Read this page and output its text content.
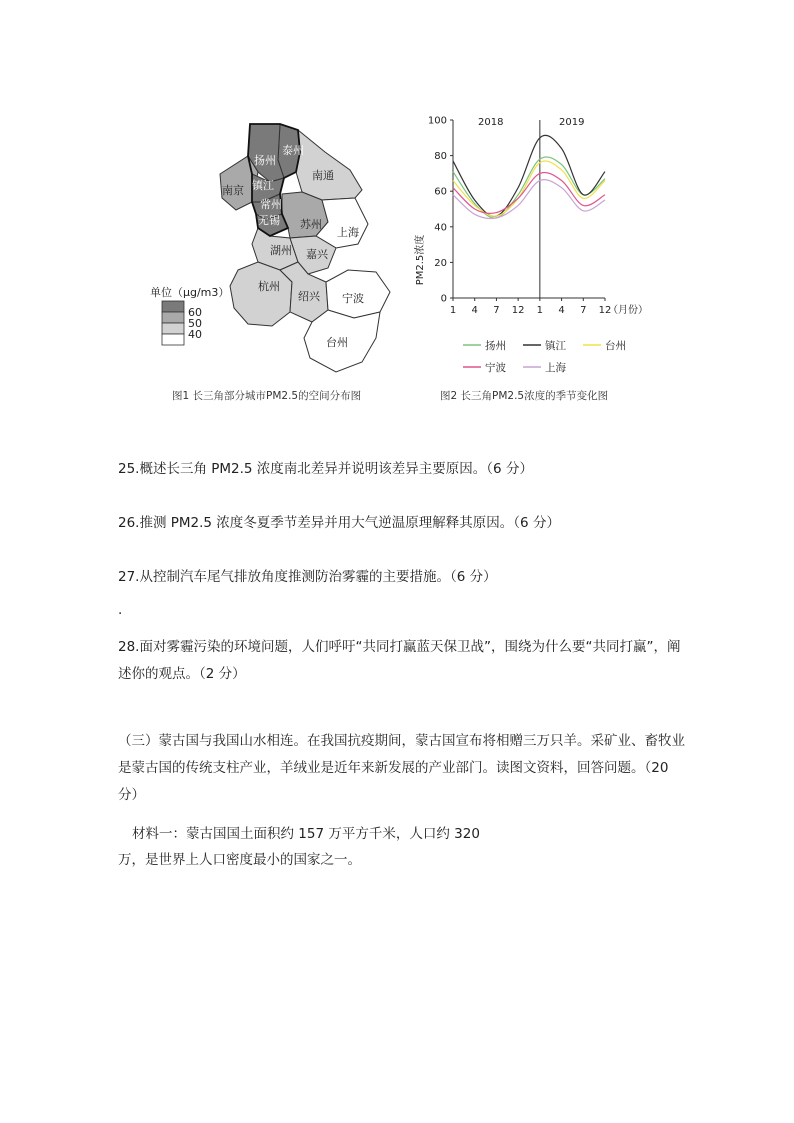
泰州
扬州
南通
南京 镇江
常州
无锡 苏州
上海
湖州 嘉兴
杭州
绍兴 宁波
台州
单位（μg/m3）
60
50
40
图1 长三角部分城市PM2.5的空间分布图
0
20
40
60
80
100
1 4 7 12 1 4 7 12
2018	2019
PM2.5浓度
（月份）
扬州	镇江	台州
宁波	上海
图2 长三角PM2.5浓度的季节变化图
25.概述长三角 PM2.5 浓度南北差异并说明该差异主要原因。（6 分）
26.推测 PM2.5 浓度冬夏季节差异并用大气逆温原理解释其原因。（6 分）
27.从控制汽车尾气排放角度推测防治雾霾的主要措施。（6 分）
.
28.面对雾霾污染的环境问题，人们呼吁“共同打赢蓝天保卫战”，围绕为什么要“共同打赢”，阐述你的观点。（2 分）
（三）蒙古国与我国山水相连。在我国抗疫期间，蒙古国宣布将相赠三万只羊。采矿业、畜牧业是蒙古国的传统支柱产业，羊绒业是近年来新发展的产业部门。读图文资料，回答问题。（20 分）
材料一：蒙古国国土面积约 157 万平方千米，人口约 320
万，是世界上人口密度最小的国家之一。
